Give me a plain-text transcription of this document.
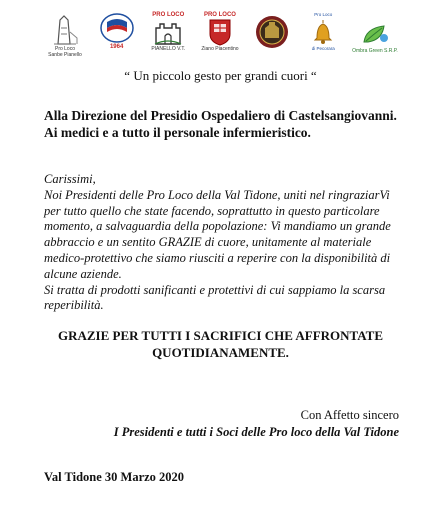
Pro Loco
Sanbe Pianello
1964
PRO LOCO
PIANELLO V.T.
PRO LOCO
Ziano Piacentino
Pro Loco
di Pecorara	Ombra Green S.R.P.
“ Un piccolo gesto per grandi cuori “
Alla Direzione del Presidio Ospedaliero di Castelsangiovanni.
Ai medici e a tutto il personale infermieristico.

Carissimi,

Noi Presidenti delle Pro Loco della Val Tidone, uniti nel ringraziarVi per tutto quello che state facendo, soprattutto in questo particolare momento, a salvaguardia della popolazione: Vi mandiamo un grande abbraccio e un sentito GRAZIE di cuore, unitamente al materiale medico-protettivo che siamo riusciti a reperire con la disponibilità di alcune aziende.

Si tratta di prodotti sanificanti e protettivi di cui sappiamo la scarsa reperibilità.

GRAZIE PER TUTTI I SACRIFICI CHE AFFRONTATE
QUOTIDIANAMENTE.
Con Affetto sincero
I Presidenti e tutti i Soci delle Pro loco della Val Tidone
Val Tidone 30 Marzo 2020
